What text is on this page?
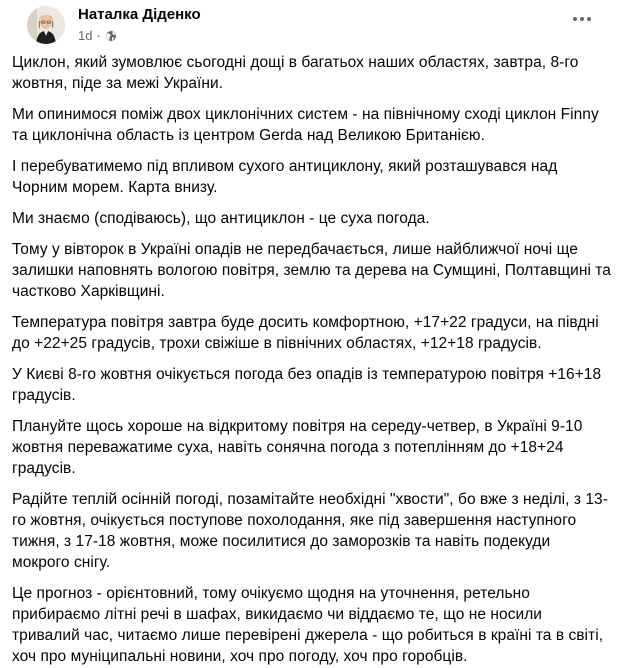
Наталка Діденко
1d ·

Циклон, який зумовлює сьогодні дощі в багатьох наших областях, завтра, 8-го жовтня, піде за межі України.

Ми опинимося поміж двох циклонічних систем - на північному сході циклон Finny та циклонічна область із центром Gerda над Великою Британією.

І перебуватимемо під впливом сухого антициклону, який розташувався над Чорним морем. Карта внизу.

Ми знаємо (сподіваюсь), що антициклон - це суха погода.

Тому у вівторок в Україні опадів не передбачається, лише найближчої ночі ще залишки наповнять вологою повітря, землю та дерева на Сумщині, Полтавщині та частково Харківщині.

Температура повітря завтра буде досить комфортною, +17+22 градуси, на півдні до +22+25 градусів, трохи свіжіше в північних областях, +12+18 градусів.

У Києві 8-го жовтня очікується погода без опадів із температурою повітря +16+18 градусів.

Плануйте щось хороше на відкритому повітря на середу-четвер, в Україні 9-10 жовтня переважатиме суха, навіть сонячна погода з потеплінням до +18+24 градусів.

Радійте теплій осінній погоді, позамітайте необхідні "хвости", бо вже з неділі, з 13-го жовтня, очікується поступове похолодання, яке під завершення наступного тижня, з 17-18 жовтня, може посилитися до заморозків та навіть подекуди мокрого снігу.

Це прогноз - орієнтовний, тому очікуємо щодня на уточнення, ретельно прибираємо літні речі в шафах, викидаємо чи віддаємо те, що не носили тривалий час, читаємо лише перевірені джерела - що робиться в країні та в світі, хоч про муніципальні новини, хоч про погоду, хоч про горобців.
